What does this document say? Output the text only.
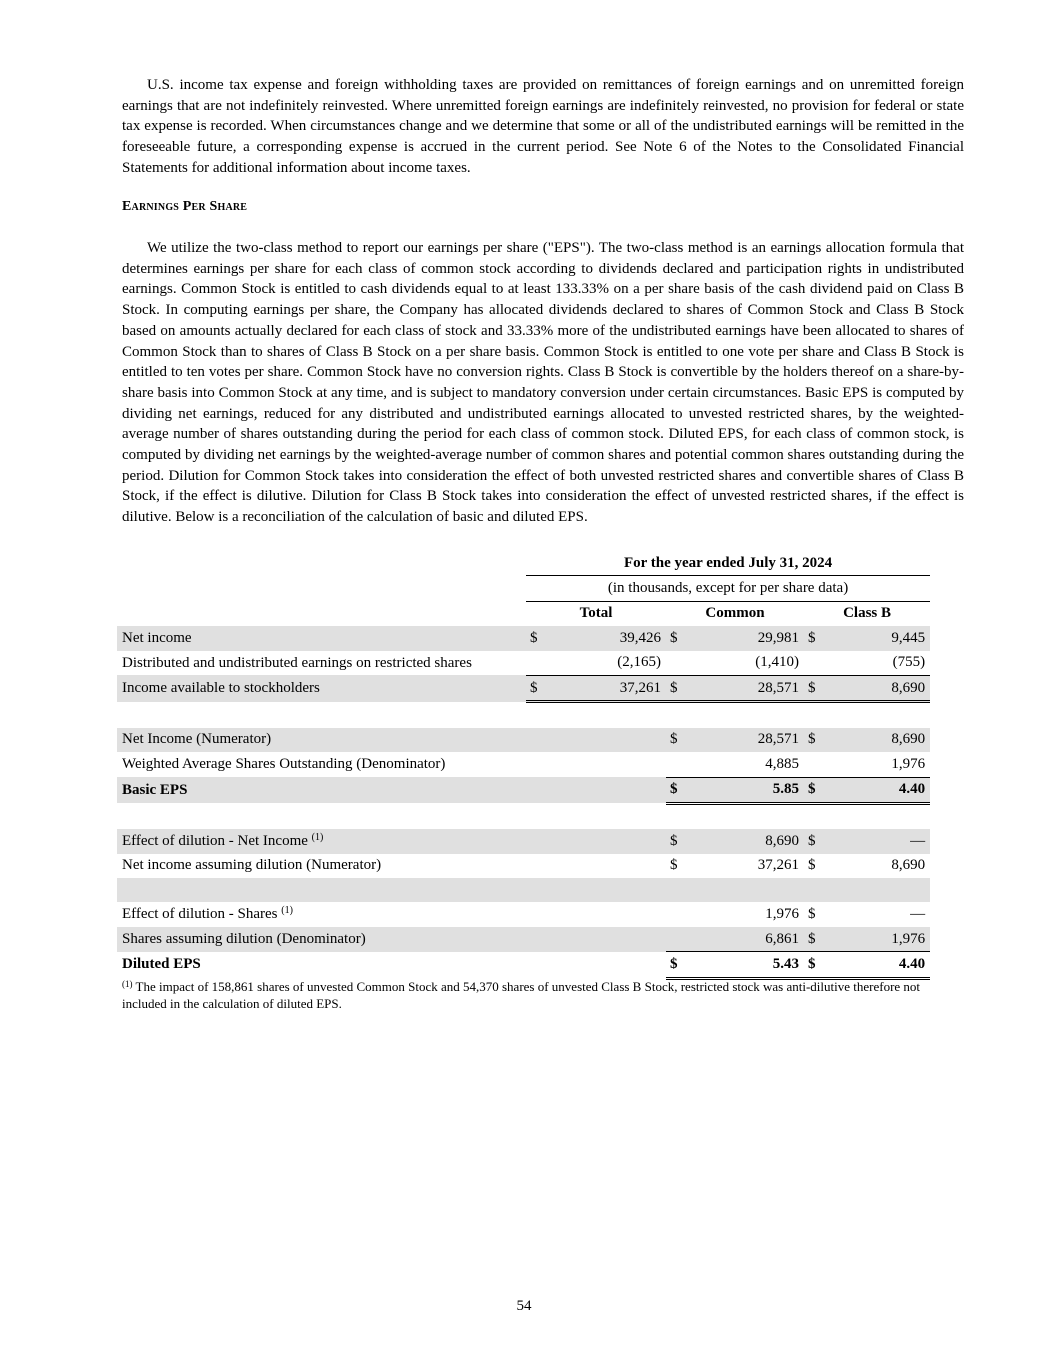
U.S. income tax expense and foreign withholding taxes are provided on remittances of foreign earnings and on unremitted foreign earnings that are not indefinitely reinvested. Where unremitted foreign earnings are indefinitely reinvested, no provision for federal or state tax expense is recorded. When circumstances change and we determine that some or all of the undistributed earnings will be remitted in the foreseeable future, a corresponding expense is accrued in the current period. See Note 6 of the Notes to the Consolidated Financial Statements for additional information about income taxes.

Earnings Per Share

We utilize the two-class method to report our earnings per share ("EPS"). The two-class method is an earnings allocation formula that determines earnings per share for each class of common stock according to dividends declared and participation rights in undistributed earnings. Common Stock is entitled to cash dividends equal to at least 133.33% on a per share basis of the cash dividend paid on Class B Stock. In computing earnings per share, the Company has allocated dividends declared to shares of Common Stock and Class B Stock based on amounts actually declared for each class of stock and 33.33% more of the undistributed earnings have been allocated to shares of Common Stock than to shares of Class B Stock on a per share basis. Common Stock is entitled to one vote per share and Class B Stock is entitled to ten votes per share. Common Stock have no conversion rights. Class B Stock is convertible by the holders thereof on a share-by-share basis into Common Stock at any time, and is subject to mandatory conversion under certain circumstances. Basic EPS is computed by dividing net earnings, reduced for any distributed and undistributed earnings allocated to unvested restricted shares, by the weighted-average number of shares outstanding during the period for each class of common stock. Diluted EPS, for each class of common stock, is computed by dividing net earnings by the weighted-average number of common shares and potential common shares outstanding during the period. Dilution for Common Stock takes into consideration the effect of both unvested restricted shares and convertible shares of Class B Stock, if the effect is dilutive. Dilution for Class B Stock takes into consideration the effect of unvested restricted shares, if the effect is dilutive. Below is a reconciliation of the calculation of basic and diluted EPS.

	For the year ended July 31, 2024					
	(in thousands, except for per share data)					
	Total		Common		Class B	
Net income	$	39,426	$	29,981	$	9,445
Distributed and undistributed earnings on restricted shares		(2,165)		(1,410)		(755)
Income available to stockholders	$	37,261	$	28,571	$	8,690

Net Income (Numerator)			$	28,571	$	8,690
Weighted Average Shares Outstanding (Denominator)				4,885		1,976
Basic EPS			$	5.85	$	4.40

Effect of dilution - Net Income $^{(1)}$			$	8,690	$	—
Net income assuming dilution (Numerator)			$	37,261	$	8,690

Effect of dilution - Shares $^{(1)}$				1,976	$	—
Shares assuming dilution (Denominator)				6,861	$	1,976
Diluted EPS			$	5.43	$	4.40

$^{(1)}$ The impact of 158,861 shares of unvested Common Stock and 54,370 shares of unvested Class B Stock, restricted stock was anti-dilutive therefore not included in the calculation of diluted EPS.

54
